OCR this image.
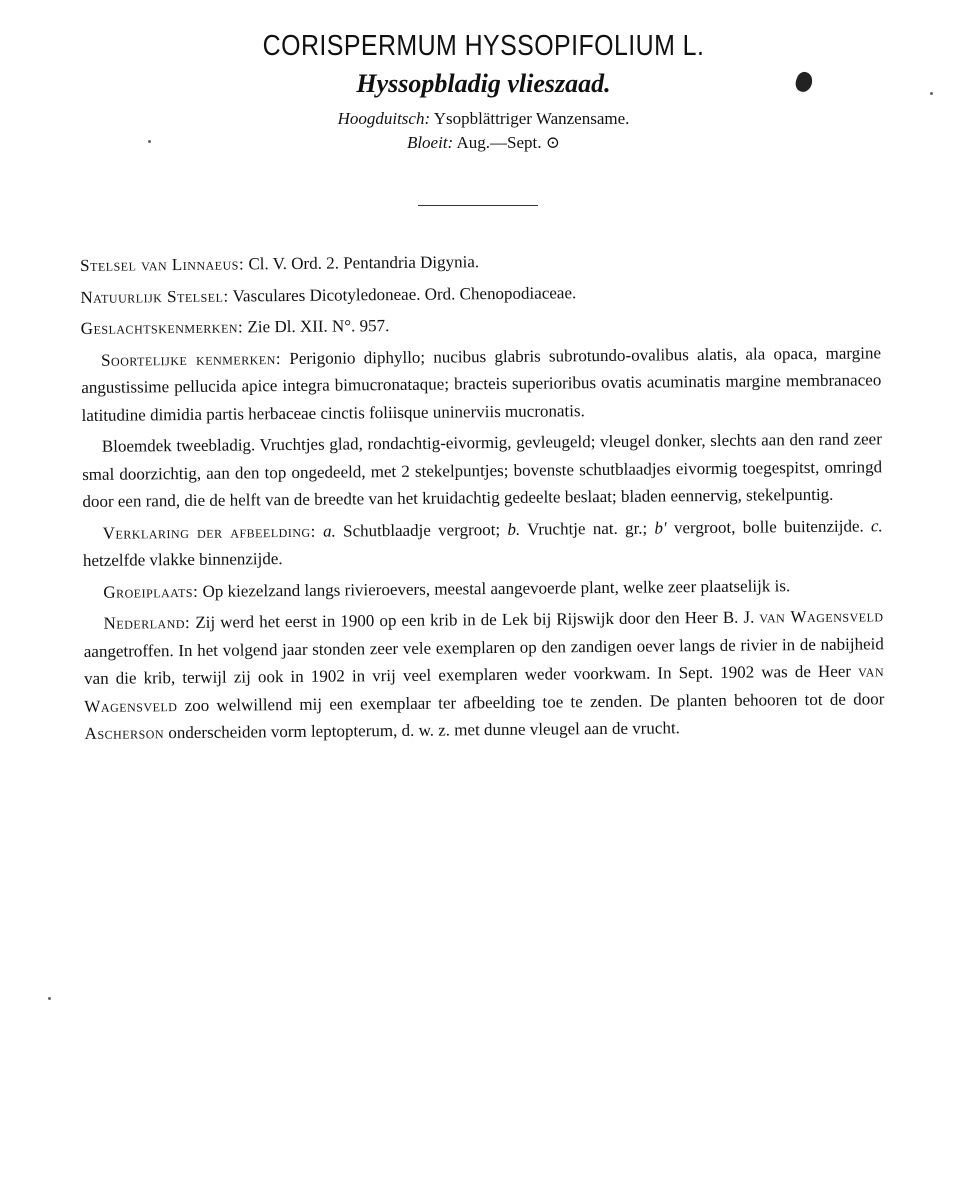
CORISPERMUM HYSSOPIFOLIUM L.
Hyssopbladig vlieszaad.
Hoogduitsch: Ysopblättriger Wanzensame.
Bloeit: Aug.—Sept. ⊙

Stelsel van Linnaeus: Cl. V. Ord. 2. Pentandria Digynia.

Natuurlijk Stelsel: Vasculares Dicotyledoneae. Ord. Chenopodiaceae.

Geslachtskenmerken: Zie Dl. XII. N°. 957.

Soortelijke kenmerken: Perigonio diphyllo; nucibus glabris subrotundo-ovalibus alatis, ala opaca, margine angustissime pellucida apice integra bimucronataque; bracteis superioribus ovatis acuminatis margine membranaceo latitudine dimidia partis herbaceae cinctis foliisque uninerviis mucronatis.

Bloemdek tweebladig. Vruchtjes glad, rondachtig-eivormig, gevleugeld; vleugel donker, slechts aan den rand zeer smal doorzichtig, aan den top ongedeeld, met 2 stekelpuntjes; bovenste schutblaadjes eivormig toegespitst, omringd door een rand, die de helft van de breedte van het kruidachtig gedeelte beslaat; bladen eennervig, stekelpuntig.

Verklaring der afbeelding: a. Schutblaadje vergroot; b. Vruchtje nat. gr.; b′ vergroot, bolle buitenzijde. c. hetzelfde vlakke binnenzijde.

Groeiplaats: Op kiezelzand langs rivieroevers, meestal aangevoerde plant, welke zeer plaatselijk is.

Nederland: Zij werd het eerst in 1900 op een krib in de Lek bij Rijswijk door den Heer B. J. van Wagensveld aangetroffen. In het volgend jaar stonden zeer vele exemplaren op den zandigen oever langs de rivier in de nabijheid van die krib, terwijl zij ook in 1902 in vrij veel exemplaren weder voorkwam. In Sept. 1902 was de Heer van Wagensveld zoo welwillend mij een exemplaar ter afbeelding toe te zenden. De planten behooren tot de door Ascherson onderscheiden vorm leptopterum, d. w. z. met dunne vleugel aan de vrucht.
